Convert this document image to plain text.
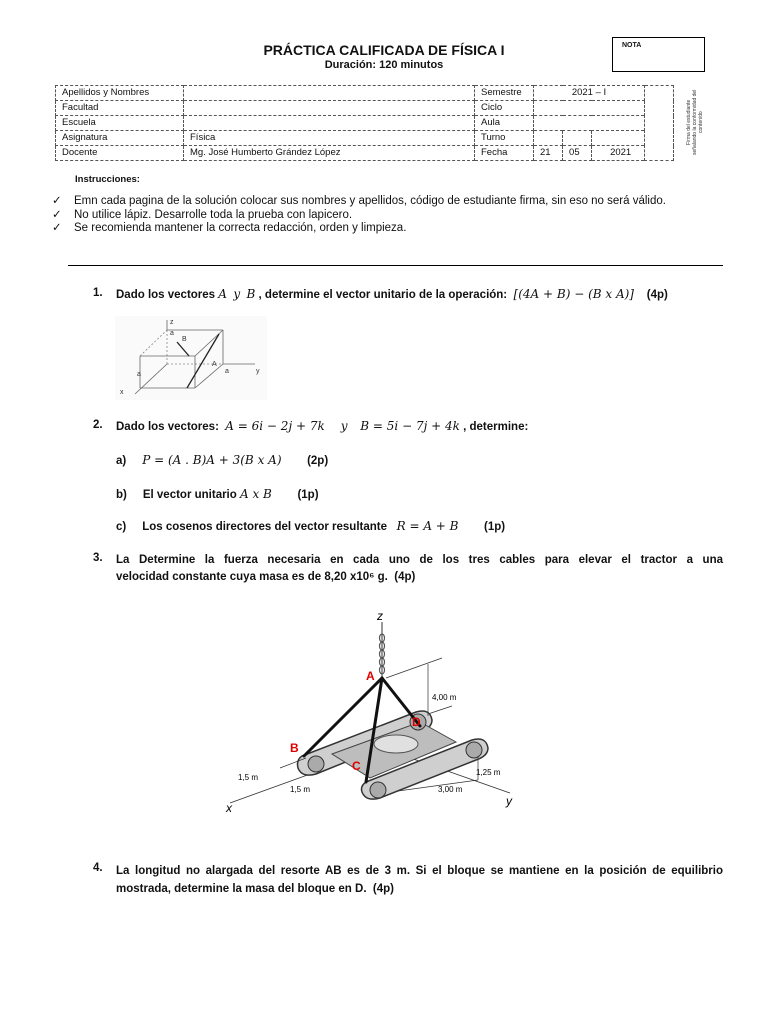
PRÁCTICA CALIFICADA DE FÍSICA I
Duración: 120 minutos
NOTA
Apellidos y Nombres		Semestre	2021 – I			
Facultad		Ciclo				
Escuela		Aula				
Asignatura	Física	Turno				
Docente	Mg. José Humberto Grández López	Fecha	21	05	2021	
Firma del estudiante señalando la conformidad del contenido
Instrucciones:
✓	Emn cada pagina de la solución colocar sus nombres y apellidos, código de estudiante firma, sin eso no será válido.
✓	No utilice lápiz. Desarrolle toda la prueba con lapicero.
✓	Se recomienda mantener la correcta redacción, orden y limpieza.
1.	Dado los vectores A y B , determine el vector unitario de la operación: [(4A + B) − (B x A)] (4p)
z
a
B
A
a
a	y
x
2.	Dado los vectores: A = 6i − 2j + 7k y B = 5i − 7j + 4k , determine:
a) P = (A . B)A + 3(B x A) (2p)
b) El vector unitario A x B (1p)
c) Los cosenos directores del vector resultante R = A + B (1p)
3.	La Determine la fuerza necesaria en cada uno de los tres cables para elevar el tractor a una
velocidad constante cuya masa es de 8,20 x10⁶ g. (4p)
z
x	y
4,00 m
1,5 m
1,5 m	3,00 m
1,25 m
A
B
C
D
4.	La longitud no alargada del resorte AB es de 3 m. Si el bloque se mantiene en la posición de equilibrio
mostrada, determine la masa del bloque en D. (4p)
